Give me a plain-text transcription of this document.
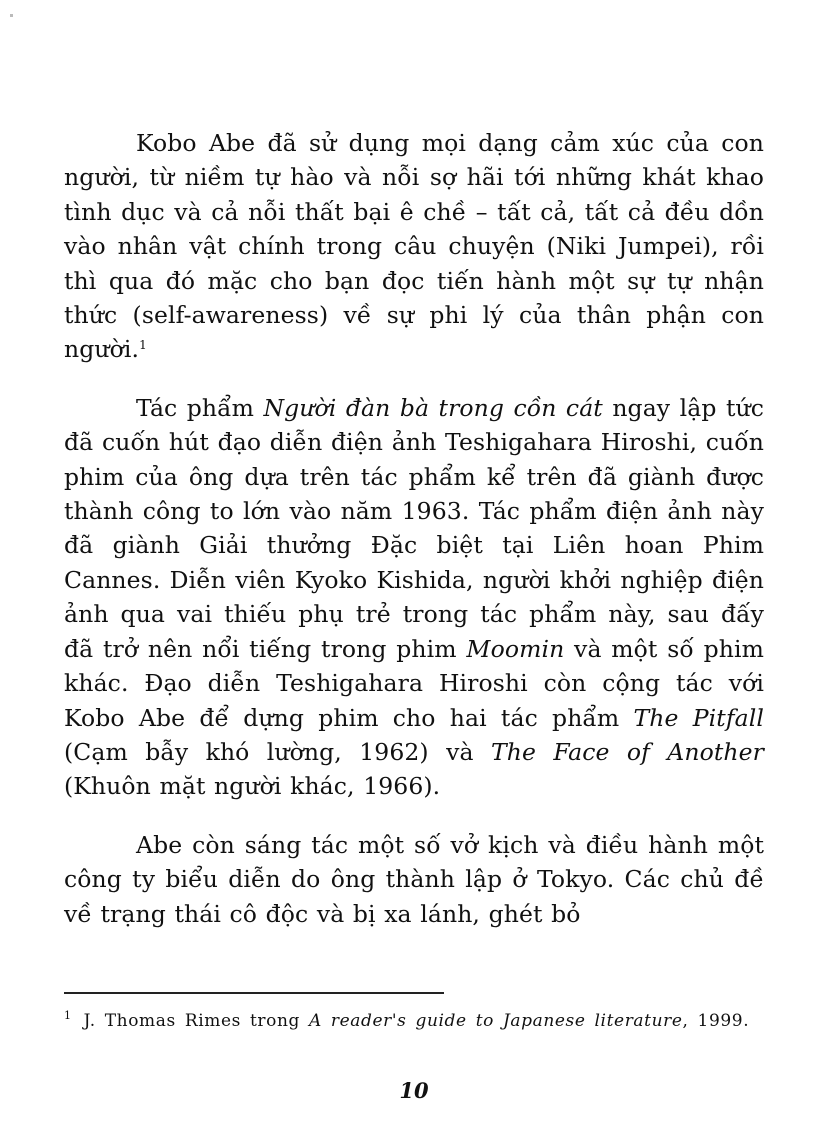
Kobo Abe đã sử dụng mọi dạng cảm xúc của con người, từ niềm tự hào và nỗi sợ hãi tới những khát khao tình dục và cả nỗi thất bại ê chề – tất cả, tất cả đều dồn vào nhân vật chính trong câu chuyện (Niki Jumpei), rồi thì qua đó mặc cho bạn đọc tiến hành một sự tự nhận thức (self-awareness) về sự phi lý của thân phận con người.$^1$

Tác phẩm Người đàn bà trong cồn cát ngay lập tức đã cuốn hút đạo diễn điện ảnh Teshigahara Hiroshi, cuốn phim của ông dựa trên tác phẩm kể trên đã giành được thành công to lớn vào năm 1963. Tác phẩm điện ảnh này đã giành Giải thưởng Đặc biệt tại Liên hoan Phim Cannes. Diễn viên Kyoko Kishida, người khởi nghiệp điện ảnh qua vai thiếu phụ trẻ trong tác phẩm này, sau đấy đã trở nên nổi tiếng trong phim Moomin và một số phim khác. Đạo diễn Teshigahara Hiroshi còn cộng tác với Kobo Abe để dựng phim cho hai tác phẩm The Pitfall (Cạm bẫy khó lường, 1962) và The Face of Another (Khuôn mặt người khác, 1966).

Abe còn sáng tác một số vở kịch và điều hành một công ty biểu diễn do ông thành lập ở Tokyo. Các chủ đề về trạng thái cô độc và bị xa lánh, ghét bỏ

$^1$ J. Thomas Rimes trong A reader's guide to Japanese literature, 1999.

10
